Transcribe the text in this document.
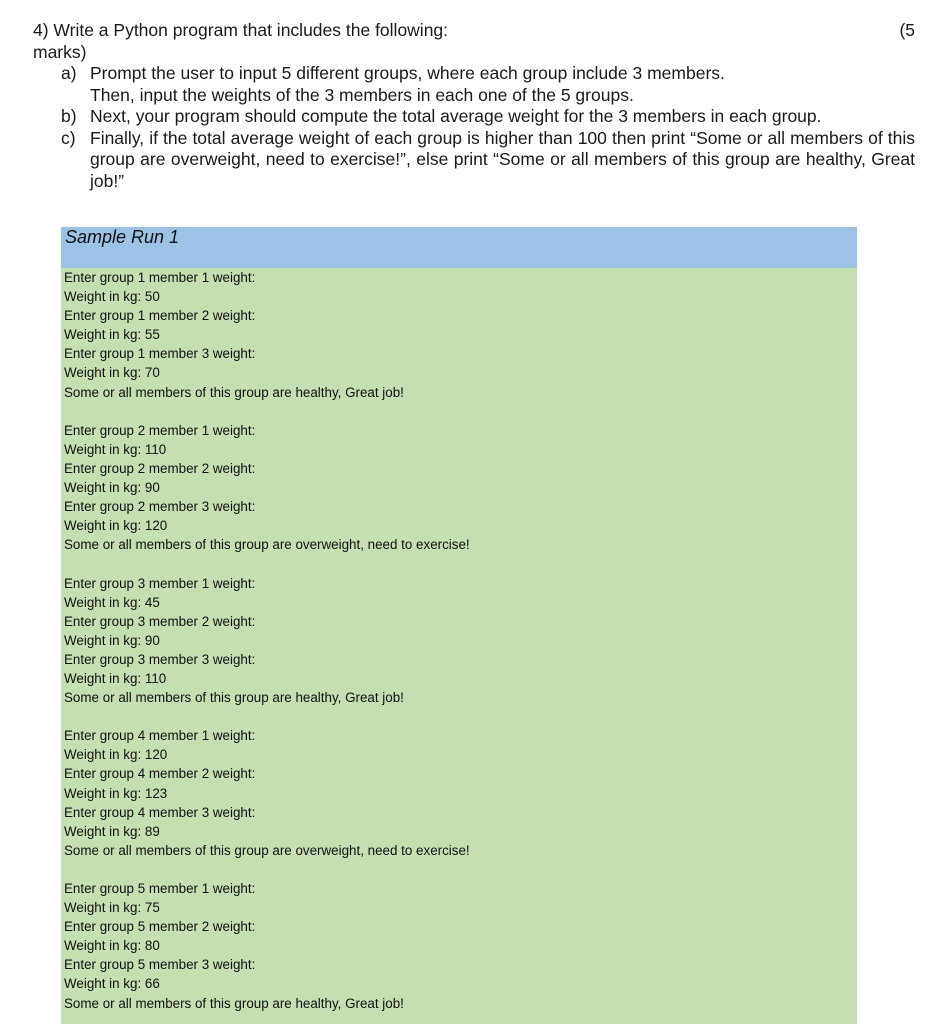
4) Write a Python program that includes the following:	(5
marks)
a) Prompt the user to input 5 different groups, where each group include 3 members.
Then, input the weights of the 3 members in each one of the 5 groups.
b) Next, your program should compute the total average weight for the 3 members in each group.
c) Finally, if the total average weight of each group is higher than 100 then print “Some or all members of this group are overweight, need to exercise!”, else print “Some or all members of this group are healthy, Great job!”
Sample Run 1
Enter group 1 member 1 weight:
Weight in kg: 50
Enter group 1 member 2 weight:
Weight in kg: 55
Enter group 1 member 3 weight:
Weight in kg: 70
Some or all members of this group are healthy, Great job!
Enter group 2 member 1 weight:
Weight in kg: 110
Enter group 2 member 2 weight:
Weight in kg: 90
Enter group 2 member 3 weight:
Weight in kg: 120
Some or all members of this group are overweight, need to exercise!
Enter group 3 member 1 weight:
Weight in kg: 45
Enter group 3 member 2 weight:
Weight in kg: 90
Enter group 3 member 3 weight:
Weight in kg: 110
Some or all members of this group are healthy, Great job!
Enter group 4 member 1 weight:
Weight in kg: 120
Enter group 4 member 2 weight:
Weight in kg: 123
Enter group 4 member 3 weight:
Weight in kg: 89
Some or all members of this group are overweight, need to exercise!
Enter group 5 member 1 weight:
Weight in kg: 75
Enter group 5 member 2 weight:
Weight in kg: 80
Enter group 5 member 3 weight:
Weight in kg: 66
Some or all members of this group are healthy, Great job!
